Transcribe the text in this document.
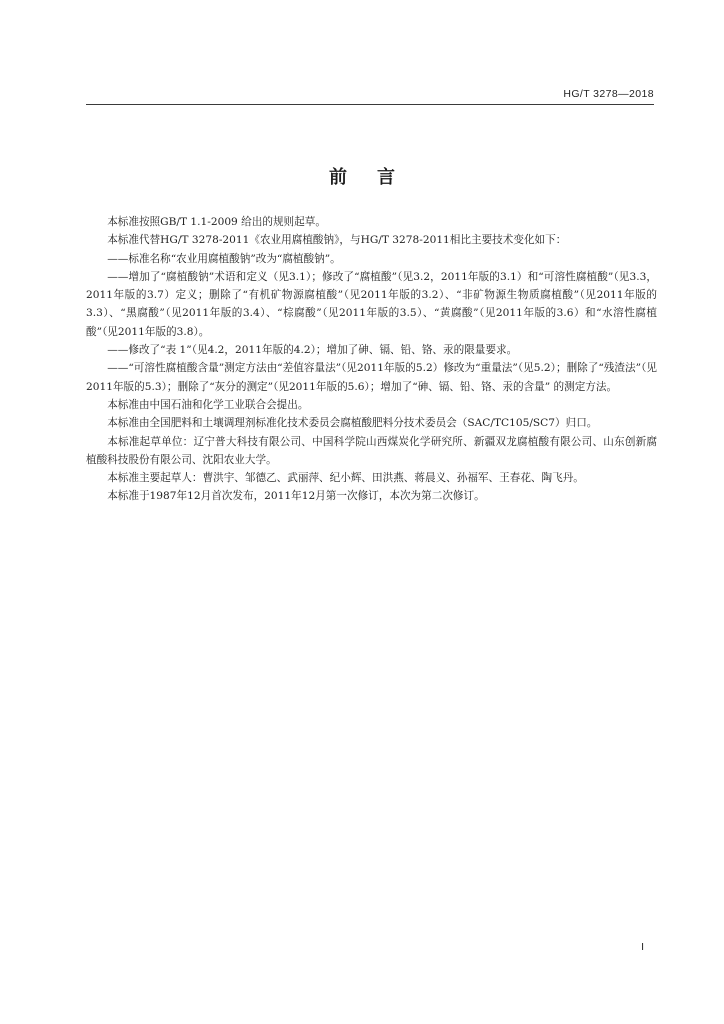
HG/T 3278—2018
前言

本标准按照GB/T 1.1-2009 给出的规则起草。

本标准代替HG/T 3278-2011《农业用腐植酸钠》，与HG/T 3278-2011相比主要技术变化如下：

——标准名称“农业用腐植酸钠”改为“腐植酸钠”。

——增加了“腐植酸钠”术语和定义（见3.1）；修改了“腐植酸”（见3.2，2011年版的3.1）和“可溶性腐植酸”（见3.3，2011年版的3.7）定义；删除了“有机矿物源腐植酸”（见2011年版的3.2）、“非矿物源生物质腐植酸”（见2011年版的3.3）、“黑腐酸”（见2011年版的3.4）、“棕腐酸”（见2011年版的3.5）、“黄腐酸”（见2011年版的3.6）和“水溶性腐植酸”（见2011年版的3.8）。

——修改了“表 1”（见4.2，2011年版的4.2）；增加了砷、镉、铅、铬、汞的限量要求。

——“可溶性腐植酸含量”测定方法由“差值容量法”（见2011年版的5.2）修改为“重量法”（见5.2）；删除了“残渣法”（见2011年版的5.3）；删除了“灰分的测定”（见2011年版的5.6）；增加了“砷、镉、铅、铬、汞的含量” 的测定方法。

本标准由中国石油和化学工业联合会提出。

本标准由全国肥料和土壤调理剂标准化技术委员会腐植酸肥料分技术委员会（SAC/TC105/SC7）归口。

本标准起草单位：辽宁普大科技有限公司、中国科学院山西煤炭化学研究所、新疆双龙腐植酸有限公司、山东创新腐植酸科技股份有限公司、沈阳农业大学。

本标准主要起草人：曹洪宇、邹德乙、武丽萍、纪小辉、田洪燕、蒋晨义、孙福军、王春花、陶飞丹。

本标准于1987年12月首次发布，2011年12月第一次修订，本次为第二次修订。

I
